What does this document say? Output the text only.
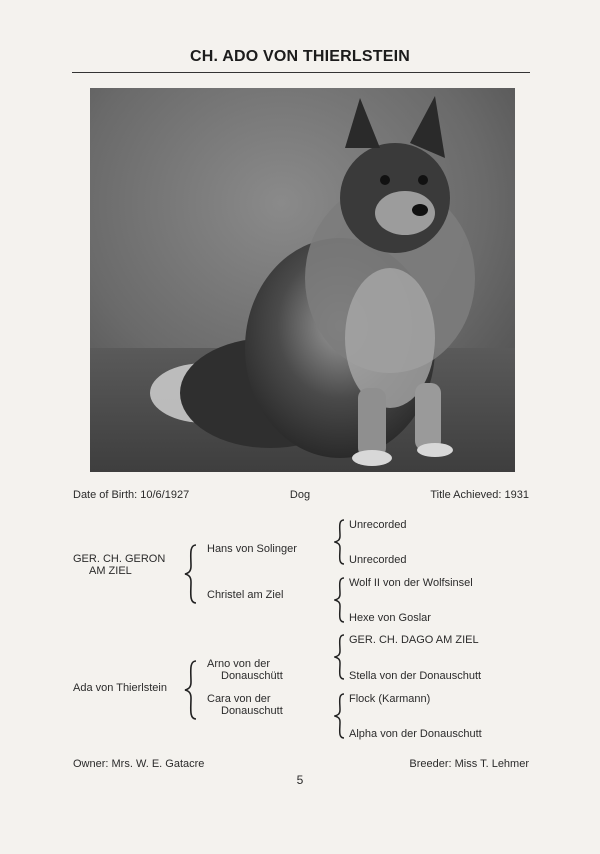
CH. ADO VON THIERLSTEIN
Date of Birth: 10/6/1927	Dog	Title Achieved: 1931
GER. CH. GERON
AM ZIEL
Ada von Thierlstein
Hans von Solinger
Christel am Ziel
Arno von der
Donauschütt
Cara von der
Donauschutt
Unrecorded
Unrecorded
Wolf II von der Wolfsinsel
Hexe von Goslar
GER. CH. DAGO AM ZIEL
Stella von der Donauschutt
Flock (Karmann)
Alpha von der Donauschutt
Owner: Mrs. W. E. Gatacre	Breeder: Miss T. Lehmer
5
